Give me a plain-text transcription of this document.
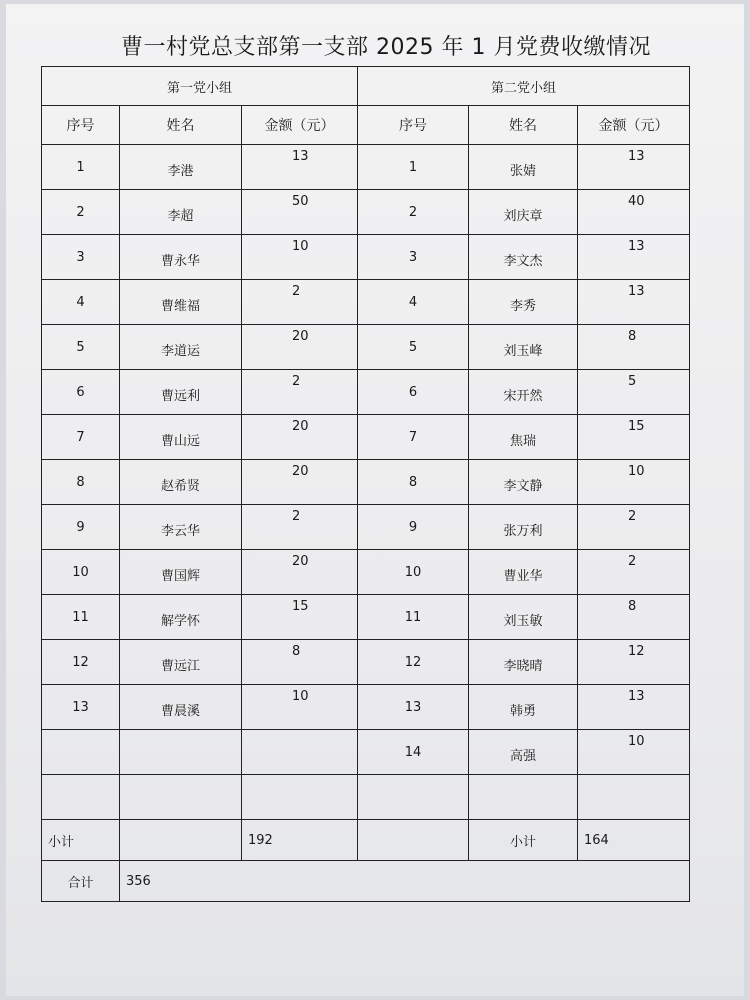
曹一村党总支部第一支部 2025 年 1 月党费收缴情况
第一党小组			第二党小组		
序号	姓名	金额（元）	序号	姓名	金额（元）
1	李港	13	1	张婧	13
2	李超	50	2	刘庆章	40
3	曹永华	10	3	李文杰	13
4	曹维福	2	4	李秀	13
5	李道运	20	5	刘玉峰	8
6	曹远利	2	6	宋开然	5
7	曹山远	20	7	焦瑞	15
8	赵希贤	20	8	李文静	10
9	李云华	2	9	张万利	2
10	曹国辉	20	10	曹业华	2
11	解学怀	15	11	刘玉敏	8
12	曹远江	8	12	李晓晴	12
13	曹晨溪	10	13	韩勇	13
			14	高强	10

小计		192		小计	164
合计	356				
